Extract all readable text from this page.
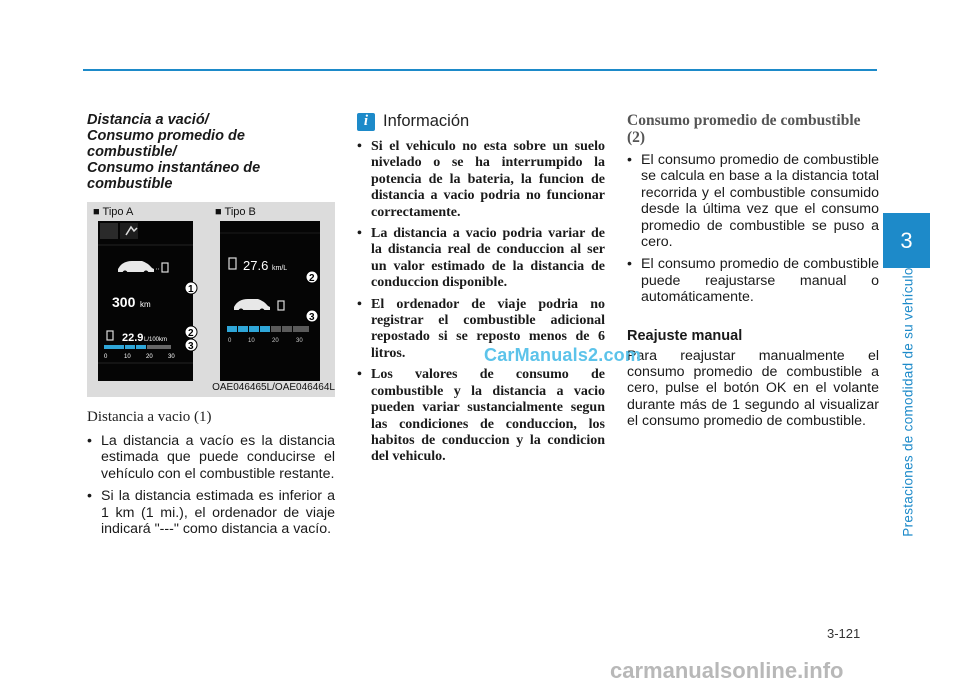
3
Prestaciones de comodidad de su vehículo
Distancia a vació/
Consumo promedio de
combustible/
Consumo instantáneo de
combustible
■ Tipo A	■ Tipo B
300 km
22.9 L/100km
0	10	20	30
27.6 km/L
0	10	20	30
1
2
3
2
3
OAE046465L/OAE046464L

Distancia a vacio (1)

• La distancia a vacío es la distancia estimada que puede conducirse el vehículo con el combustible restante.
• Si la distancia estimada es inferior a 1 km (1 mi.), el ordenador de viaje indicará "---" como distancia a vacío.
i Información
• Si el vehiculo no esta sobre un suelo nivelado o se ha interrumpido la potencia de la bateria, la funcion de distancia a vacio podria no funcionar correctamente.
• La distancia a vacio podria variar de la distancia real de conduccion al ser un valor estimado de la distancia de conduccion disponible.
• El ordenador de viaje podria no registrar el combustible adicional repostado si se reposto menos de 6 litros.
• Los valores de consumo de combustible y la distancia a vacio pueden variar sustancialmente segun las condiciones de conduccion, los habitos de conduccion y la condicion del vehiculo.

Consumo promedio de combustible (2)

• El consumo promedio de combustible se calcula en base a la distancia total recorrida y el combustible consumido desde la última vez que el consumo promedio de combustible se puso a cero.
• El consumo promedio de combustible puede reajustarse manual o automáticamente.

Reajuste manual

Para reajustar manualmente el consumo promedio de combustible a cero, pulse el botón OK en el volante durante más de 1 segundo al visualizar el consumo promedio de combustible.

CarManuals2.com
3-121
carmanualsonline.info
